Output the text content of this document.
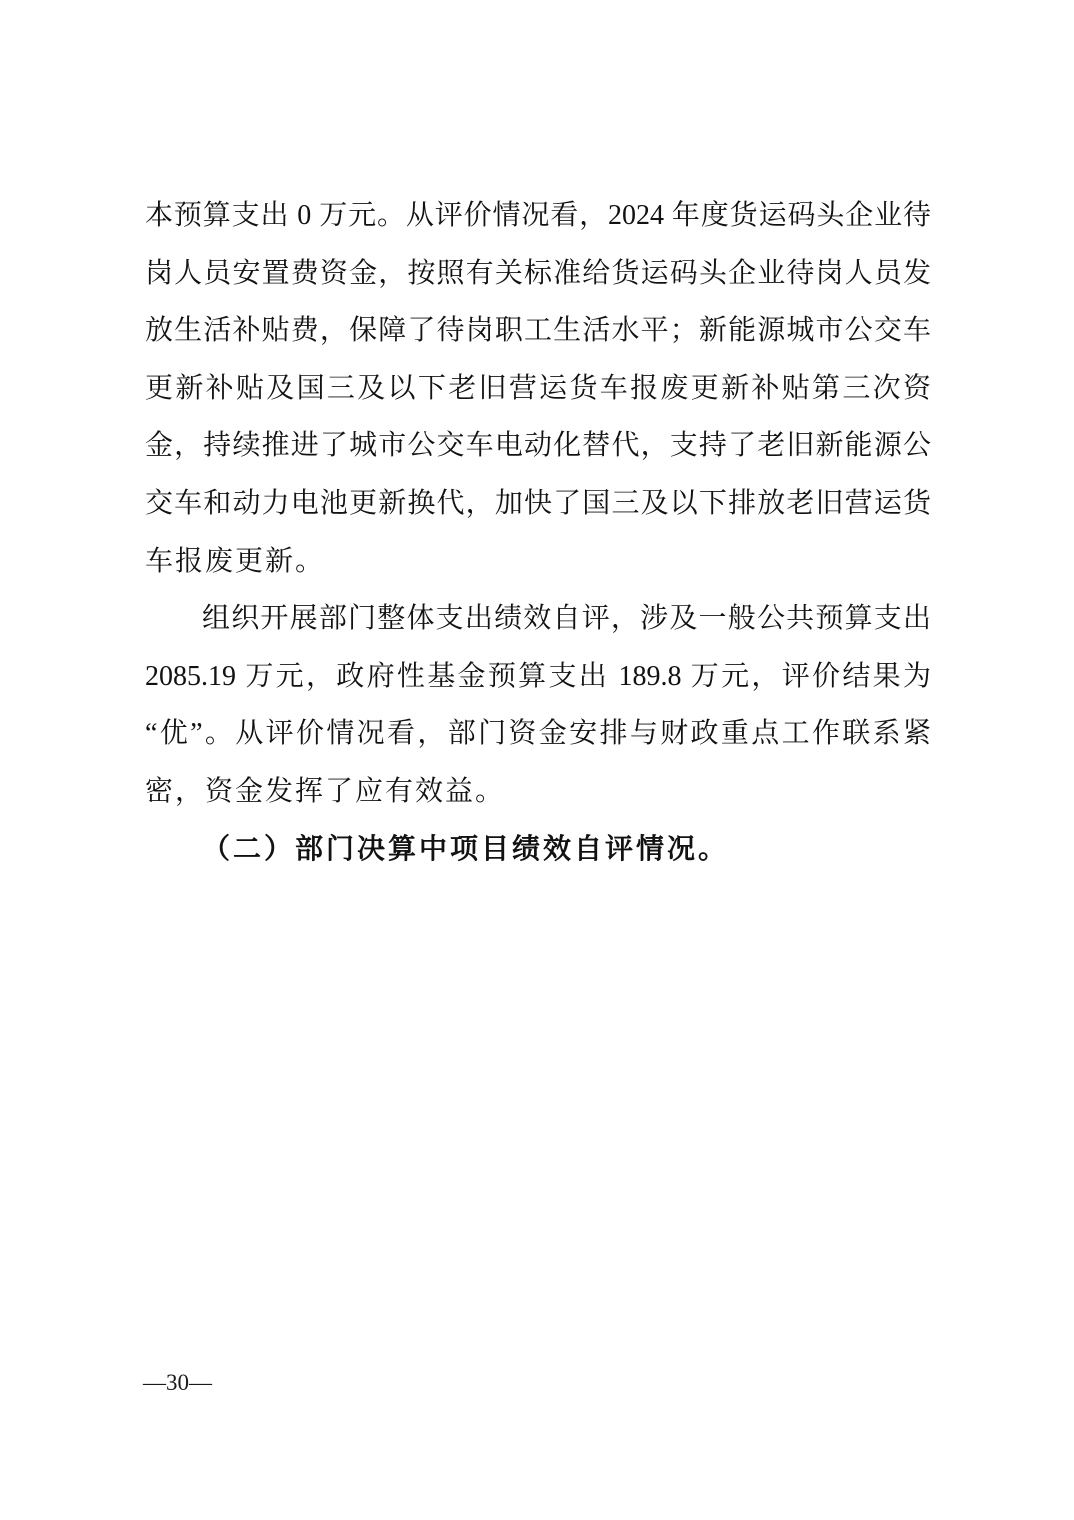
本预算支出 0 万元。从评价情况看，2024 年度货运码头企业待
岗人员安置费资金，按照有关标准给货运码头企业待岗人员发
放生活补贴费，保障了待岗职工生活水平；新能源城市公交车
更新补贴及国三及以下老旧营运货车报废更新补贴第三次资
金，持续推进了城市公交车电动化替代，支持了老旧新能源公
交车和动力电池更新换代，加快了国三及以下排放老旧营运货
车报废更新。
组织开展部门整体支出绩效自评，涉及一般公共预算支出
2085.19 万元，政府性基金预算支出 189.8 万元，评价结果为
“优”。从评价情况看，部门资金安排与财政重点工作联系紧
密，资金发挥了应有效益。
（二）部门决算中项目绩效自评情况。
—30—
